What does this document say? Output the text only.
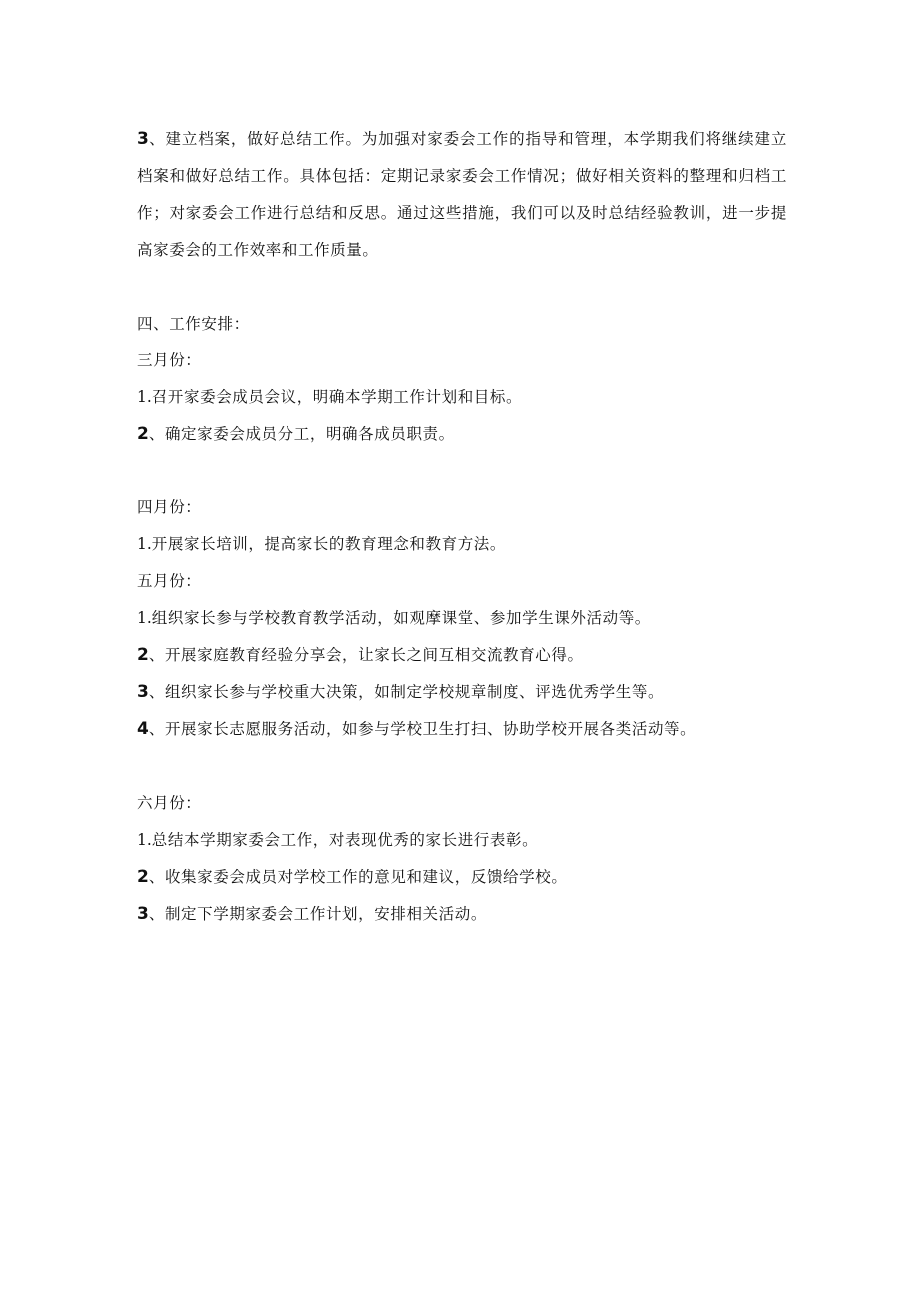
3、建立档案，做好总结工作。为加强对家委会工作的指导和管理，本学期我们将继续建立档案和做好总结工作。具体包括：定期记录家委会工作情况；做好相关资料的整理和归档工作；对家委会工作进行总结和反思。通过这些措施，我们可以及时总结经验教训，进一步提高家委会的工作效率和工作质量。

四、工作安排：

三月份：

1.召开家委会成员会议，明确本学期工作计划和目标。

2、确定家委会成员分工，明确各成员职责。

四月份：

1.开展家长培训，提高家长的教育理念和教育方法。

五月份：

1.组织家长参与学校教育教学活动，如观摩课堂、参加学生课外活动等。

2、开展家庭教育经验分享会，让家长之间互相交流教育心得。

3、组织家长参与学校重大决策，如制定学校规章制度、评选优秀学生等。

4、开展家长志愿服务活动，如参与学校卫生打扫、协助学校开展各类活动等。

六月份：

1.总结本学期家委会工作，对表现优秀的家长进行表彰。

2、收集家委会成员对学校工作的意见和建议，反馈给学校。

3、制定下学期家委会工作计划，安排相关活动。
